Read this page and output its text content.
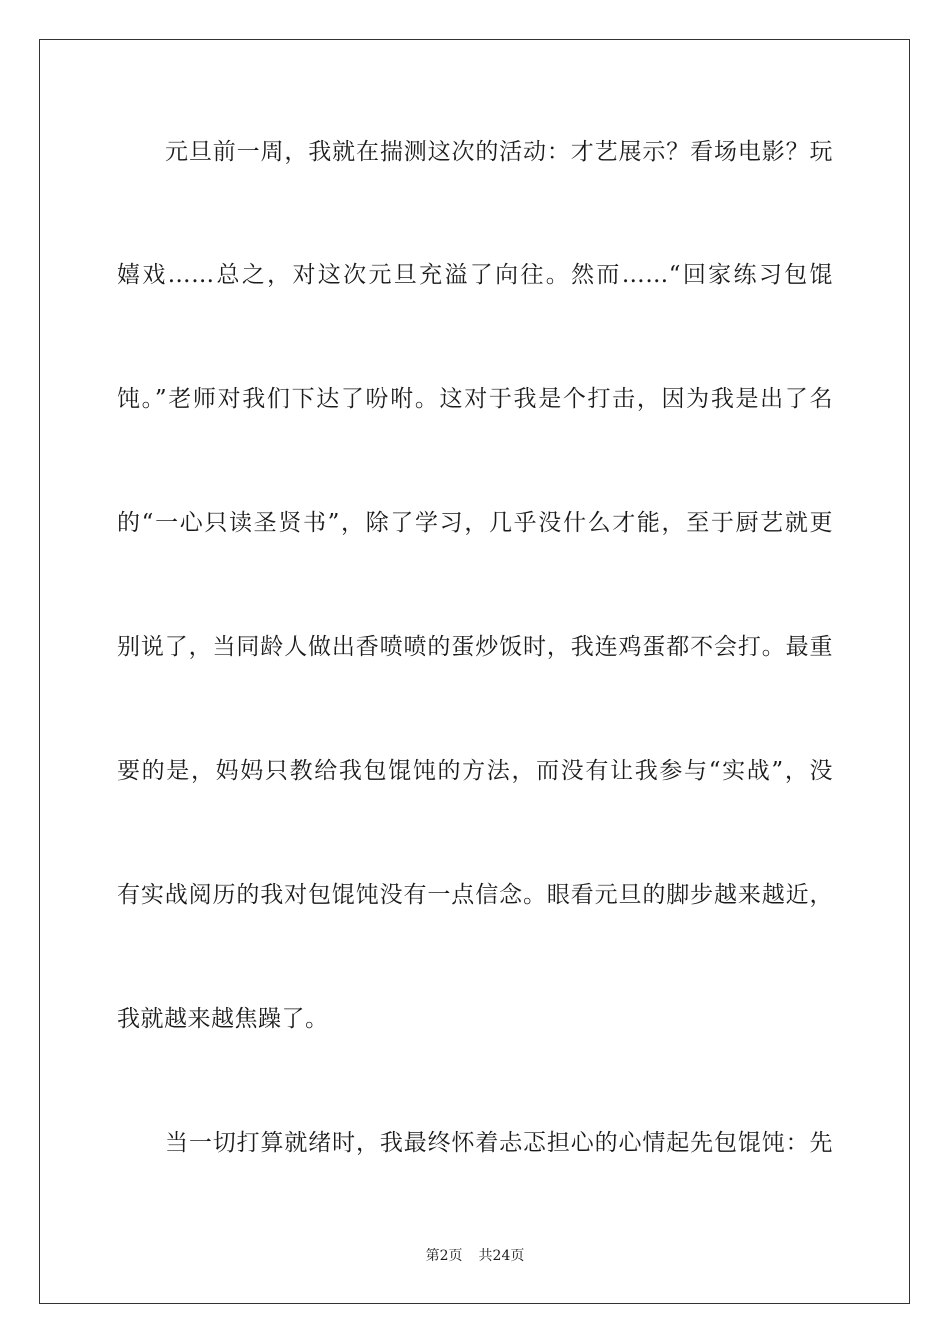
元旦前一周，我就在揣测这次的活动：才艺展示？看场电影？玩
嬉戏……总之，对这次元旦充溢了向往。然而……“回家练习包馄
饨。”老师对我们下达了吩咐。这对于我是个打击，因为我是出了名
的“一心只读圣贤书”，除了学习，几乎没什么才能，至于厨艺就更
别说了，当同龄人做出香喷喷的蛋炒饭时，我连鸡蛋都不会打。最重
要的是，妈妈只教给我包馄饨的方法，而没有让我参与“实战”，没
有实战阅历的我对包馄饨没有一点信念。眼看元旦的脚步越来越近，
我就越来越焦躁了。
当一切打算就绪时，我最终怀着忐忑担心的心情起先包馄饨：先
第2页 共24页
